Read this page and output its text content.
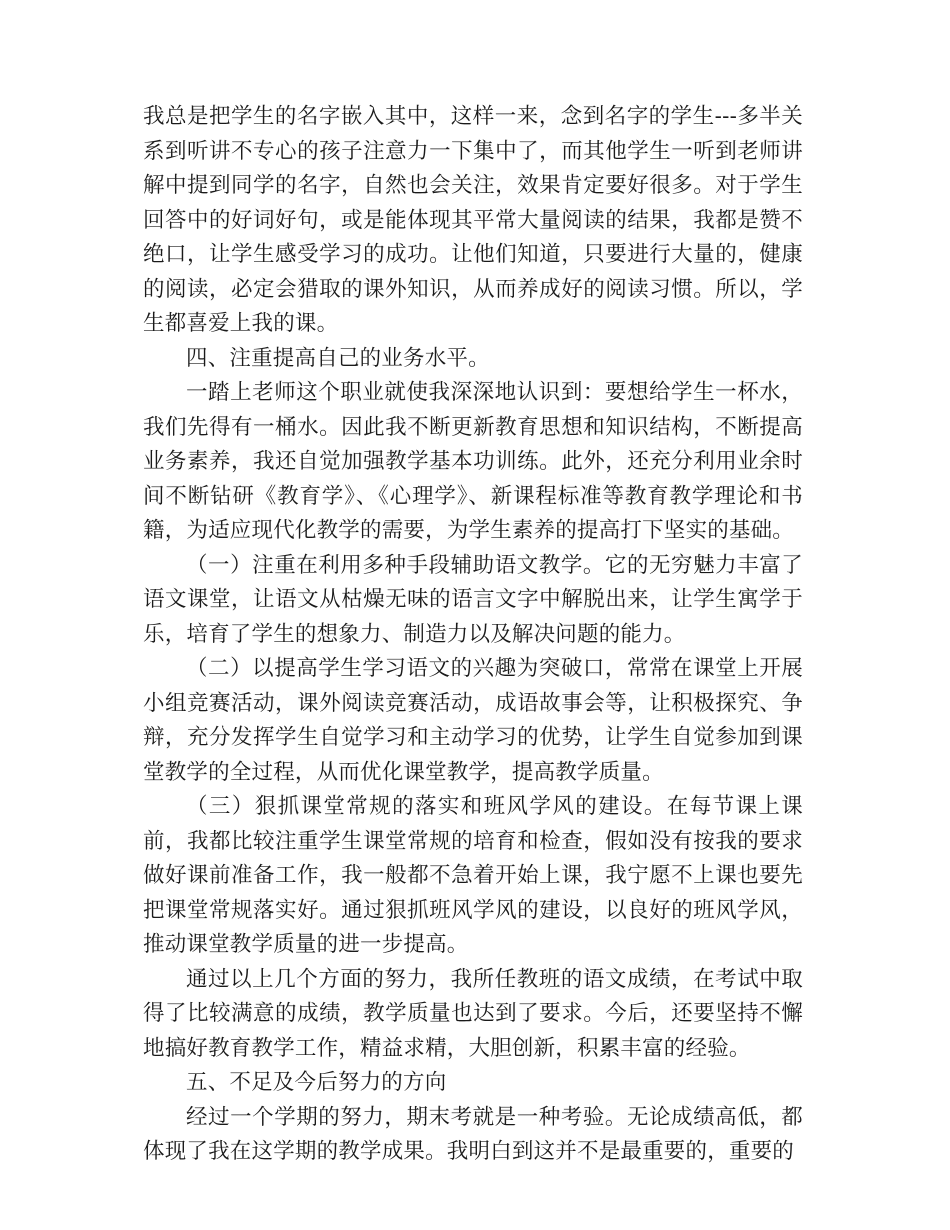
我总是把学生的名字嵌入其中，这样一来，念到名字的学生---多半关系到听讲不专心的孩子注意力一下集中了，而其他学生一听到老师讲解中提到同学的名字，自然也会关注，效果肯定要好很多。对于学生回答中的好词好句，或是能体现其平常大量阅读的结果，我都是赞不绝口，让学生感受学习的成功。让他们知道，只要进行大量的，健康的阅读，必定会猎取的课外知识，从而养成好的阅读习惯。所以，学生都喜爱上我的课。

四、注重提高自己的业务水平。

一踏上老师这个职业就使我深深地认识到：要想给学生一杯水，我们先得有一桶水。因此我不断更新教育思想和知识结构，不断提高业务素养，我还自觉加强教学基本功训练。此外，还充分利用业余时间不断钻研《教育学》、《心理学》、新课程标准等教育教学理论和书籍，为适应现代化教学的需要，为学生素养的提高打下坚实的基础。

（一）注重在利用多种手段辅助语文教学。它的无穷魅力丰富了语文课堂，让语文从枯燥无味的语言文字中解脱出来，让学生寓学于乐，培育了学生的想象力、制造力以及解决问题的能力。

（二）以提高学生学习语文的兴趣为突破口，常常在课堂上开展小组竞赛活动，课外阅读竞赛活动，成语故事会等，让积极探究、争辩，充分发挥学生自觉学习和主动学习的优势，让学生自觉参加到课堂教学的全过程，从而优化课堂教学，提高教学质量。

（三）狠抓课堂常规的落实和班风学风的建设。在每节课上课前，我都比较注重学生课堂常规的培育和检查，假如没有按我的要求做好课前准备工作，我一般都不急着开始上课，我宁愿不上课也要先把课堂常规落实好。通过狠抓班风学风的建设，以良好的班风学风，推动课堂教学质量的进一步提高。

通过以上几个方面的努力，我所任教班的语文成绩，在考试中取得了比较满意的成绩，教学质量也达到了要求。今后，还要坚持不懈地搞好教育教学工作，精益求精，大胆创新，积累丰富的经验。

五、不足及今后努力的方向

经过一个学期的努力，期末考就是一种考验。无论成绩高低，都体现了我在这学期的教学成果。我明白到这并不是最重要的，重要的
